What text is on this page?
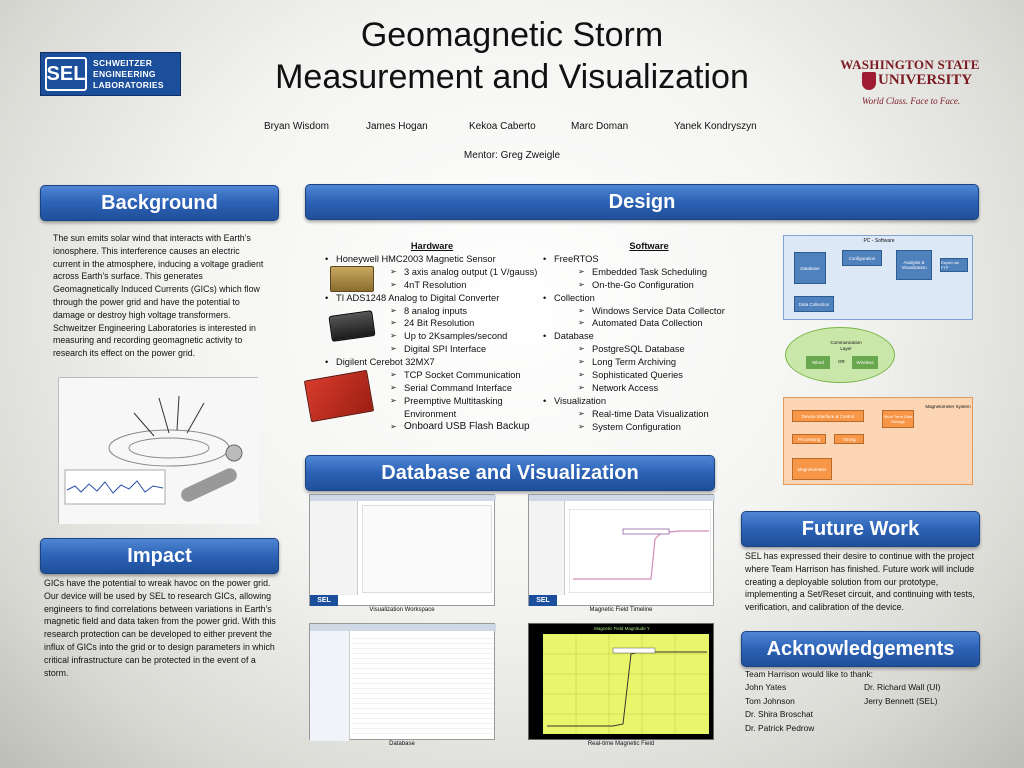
Geomagnetic Storm
Measurement and Visualization
Bryan Wisdom	James Hogan	Kekoa Caberto	Marc Doman	Yanek Kondryszyn
Mentor: Greg Zweigle
SEL SCHWEITZER
ENGINEERING
LABORATORIES
WASHINGTON STATE
UNIVERSITY
World Class. Face to Face.
Background
The sun emits solar wind that interacts with Earth’s ionosphere. This interference causes an electric current in the atmosphere, inducing a voltage gradient across Earth’s surface. This generates Geomagnetically Induced Currents (GICs) which flow through the power grid and have the potential to damage or destroy high voltage transformers. Schweitzer Engineering Laboratories is interested in measuring and recording geomagnetic activity to research its effect on the power grid.
Impact
GICs have the potential to wreak havoc on the power grid. Our device will be used by SEL to research GICs, allowing engineers to find correlations between variations in Earth’s magnetic field and data taken from the power grid. With this research protection can be developed to either prevent the influx of GICs into the grid or to design parameters in which critical infrastructure can be protected in the event of a storm.
Design
Hardware
• Honeywell HMC2003 Magnetic Sensor
➢ 3 axis analog output (1 V/gauss)
➢ 4nT Resolution
• TI ADS1248 Analog to Digital Converter
➢ 8 analog inputs
➢ 24 Bit Resolution
➢ Up to 2Ksamples/second
➢ Digital SPI Interface
• Digilent Cerebot 32MX7
➢ TCP Socket Communication
➢ Serial Command Interface
➢ Preemptive Multitasking Environment
➢ Onboard USB Flash Backup
Software
• FreeRTOS
➢ Embedded Task Scheduling
➢ On-the-Go Configuration
• Collection
➢ Windows Service Data Collector
➢ Automated Data Collection
• Database
➢ PostgreSQL Database
➢ Long Term Archiving
➢ Sophisticated Queries
➢ Network Access
• Visualization
➢ Real-time Data Visualization
➢ System Configuration
PC - Software
Database
Configuration
Analysis & Visualization
Export via FTP
Data Collection
Communication Layer
Wired	OR	Wireless
Magnetometer System
Device Interface & Control	Short Term Data Storage
Processing	Timing
Magnetometer
Database and Visualization
SEL
Visualization Workspace
SEL
Magnetic Field Timeline
Database
Magnetic Field Magnitude Y
Real-time Magnetic Field
Future Work
SEL has expressed their desire to continue with the project where Team Harrison has finished. Future work will include creating a deployable solution from our prototype, implementing a Set/Reset circuit, and continuing with tests, verification, and calibration of the device.
Acknowledgements
Team Harrison would like to thank:
John Yates
Tom Johnson
Dr. Shira Broschat
Dr. Patrick Pedrow
Dr. Richard Wall (UI)
Jerry Bennett (SEL)
